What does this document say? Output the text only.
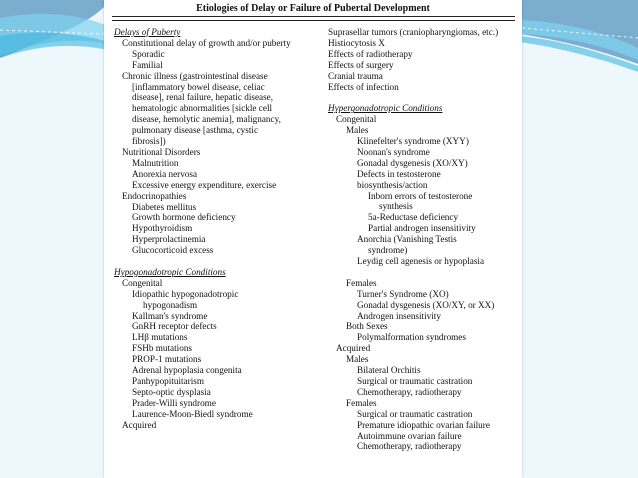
Etiologies of Delay or Failure of Pubertal Development
Delays of Puberty
Constitutional delay of growth and/or puberty
Sporadic
Familial
Chronic illness (gastrointestinal disease
[inflammatory bowel disease, celiac
disease], renal failure, hepatic disease,
hematologic abnormalities [sickle cell
disease, hemolytic anemia], malignancy,
pulmonary disease [asthma, cystic
fibrosis])
Nutritional Disorders
Malnutrition
Anorexia nervosa
Excessive energy expenditure, exercise
Endocrinopathies
Diabetes mellitus
Growth hormone deficiency
Hypothyroidism
Hyperprolactinemia
Glucocorticoid excess
Hypogonadotropic Conditions
Congenital
Idiopathic hypogonadotropic
hypogonadism
Kallman's syndrome
GnRH receptor defects
LHβ mutations
FSHb mutations
PROP-1 mutations
Adrenal hypoplasia congenita
Panhypopituitarism
Septo-optic dysplasia
Prader-Willi syndrome
Laurence-Moon-Biedl syndrome
Acquired
Suprasellar tumors (craniopharyngiomas, etc.)
Histiocytosis X
Effects of radiotherapy
Effects of surgery
Cranial trauma
Effects of infection
Hypergonadotropic Conditions
Congenital
Males
Klinefelter's syndrome (XYY)
Noonan's syndrome
Gonadal dysgenesis (XO/XY)
Defects in testosterone
biosynthesis/action
Inborn errors of testosterone
synthesis
5a-Reductase deficiency
Partial androgen insensitivity
Anorchia (Vanishing Testis
syndrome)
Leydig cell agenesis or hypoplasia
Females
Turner's Syndrome (XO)
Gonadal dysgenesis (XO/XY, or XX)
Androgen insensitivity
Both Sexes
Polymalformation syndromes
Acquired
Males
Bilateral Orchitis
Surgical or traumatic castration
Chemotherapy, radiotherapy
Females
Surgical or traumatic castration
Premature idiopathic ovarian failure
Autoimmune ovarian failure
Chemotherapy, radiotherapy
